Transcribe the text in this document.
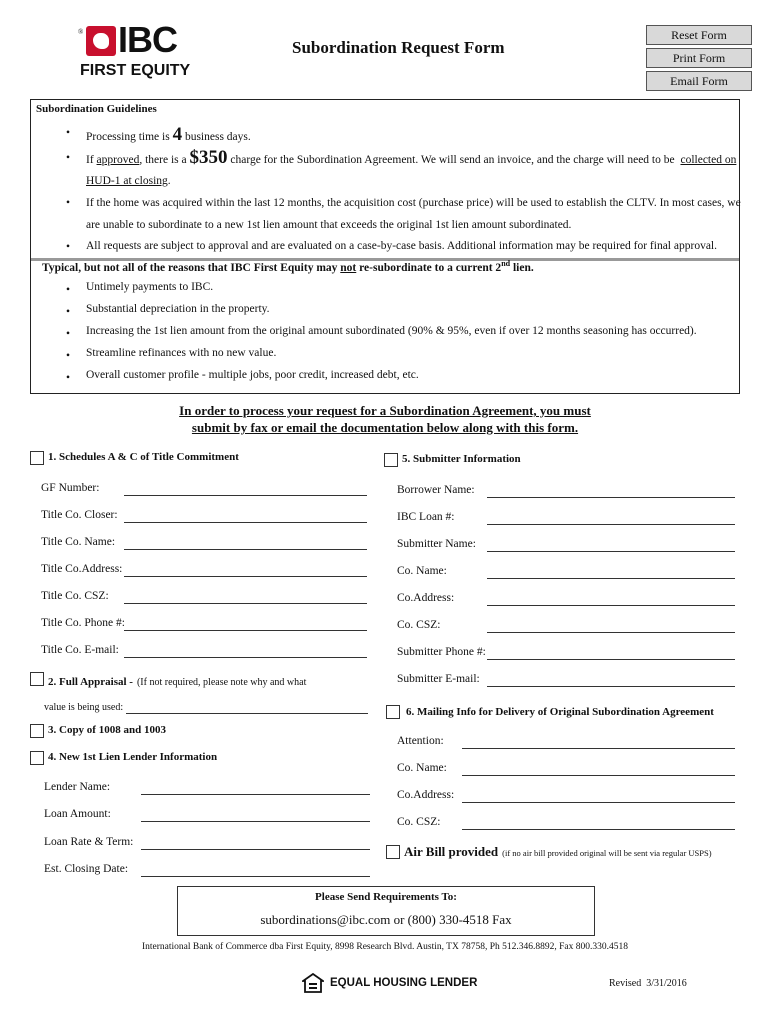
® IBC
FIRST EQUITY
Subordination Request Form
Reset Form
Print Form
Email Form
Subordination Guidelines
• Processing time is 4 business days.
• If approved, there is a $350 charge for the Subordination Agreement. We will send an invoice, and the charge will need to be collected on
HUD-1 at closing.
• If the home was acquired within the last 12 months, the acquisition cost (purchase price) will be used to establish the CLTV. In most cases, we
are unable to subordinate to a new 1st lien amount that exceeds the original 1st lien amount subordinated.
• All requests are subject to approval and are evaluated on a case-by-case basis. Additional information may be required for final approval.
Typical, but not all of the reasons that IBC First Equity may not re-subordinate to a current 2nd lien.
• Untimely payments to IBC.
• Substantial depreciation in the property.
• Increasing the 1st lien amount from the original amount subordinated (90% & 95%, even if over 12 months seasoning has occurred).
• Streamline refinances with no new value.
• Overall customer profile - multiple jobs, poor credit, increased debt, etc.
In order to process your request for a Subordination Agreement, you must
submit by fax or email the documentation below along with this form.
1. Schedules A & C of Title Commitment
GF Number:
Title Co. Closer:
Title Co. Name:
Title Co.Address:
Title Co. CSZ:
Title Co. Phone #:
Title Co. E-mail:
2. Full Appraisal - (If not required, please note why and what
value is being used:
3. Copy of 1008 and 1003
4. New 1st Lien Lender Information
Lender Name:
Loan Amount:
Loan Rate & Term:
Est. Closing Date:
5. Submitter Information
Borrower Name:
IBC Loan #:
Submitter Name:
Co. Name:
Co.Address:
Co. CSZ:
Submitter Phone #:
Submitter E-mail:
6. Mailing Info for Delivery of Original Subordination Agreement
Attention:
Co. Name:
Co.Address:
Co. CSZ:
Air Bill provided (if no air bill provided original will be sent via regular USPS)
Please Send Requirements To:
subordinations@ibc.com or (800) 330-4518 Fax
International Bank of Commerce dba First Equity, 8998 Research Blvd. Austin, TX 78758, Ph 512.346.8892, Fax 800.330.4518
EQUAL HOUSING LENDER	Revised  3/31/2016
